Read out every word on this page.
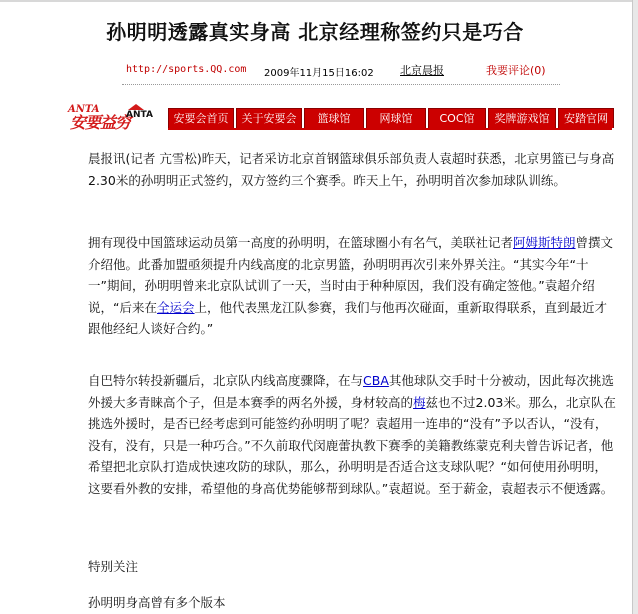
孙明明透露真实身高 北京经理称签约只是巧合
http://sports.QQ.com 2009年11月15日16:02 北京晨报	我要评论(0)
ANTA
安要益穷
ANTA	安要会首页	关于安要会	篮球馆	网球馆	COC馆	奖牌游戏馆	安踏官网

晨报讯(记者 亢雪松)昨天，记者采访北京首钢篮球俱乐部负责人袁超时获悉，北京男篮已与身高2.30米的孙明明正式签约，双方签约三个赛季。昨天上午，孙明明首次参加球队训练。

拥有现役中国篮球运动员第一高度的孙明明，在篮球圈小有名气，美联社记者阿姆斯特朗曾撰文介绍他。此番加盟亟须提升内线高度的北京男篮，孙明明再次引来外界关注。“其实今年“十一”期间，孙明明曾来北京队试训了一天，当时由于种种原因，我们没有确定签他。”袁超介绍说，“后来在全运会上，他代表黑龙江队参赛，我们与他再次碰面，重新取得联系，直到最近才跟他经纪人谈好合约。”

自巴特尔转投新疆后，北京队内线高度骤降，在与CBA其他球队交手时十分被动，因此每次挑选外援大多青睐高个子，但是本赛季的两名外援，身材较高的梅兹也不过2.03米。那么，北京队在挑选外援时，是否已经考虑到可能签约孙明明了呢？袁超用一连串的“没有”予以否认，“没有，没有，没有，只是一种巧合。”不久前取代闵鹿蕾执教下赛季的美籍教练蒙克利夫曾告诉记者，他希望把北京队打造成快速攻防的球队，那么，孙明明是否适合这支球队呢？“如何使用孙明明，这要看外教的安排，希望他的身高优势能够帮到球队。”袁超说。至于薪金，袁超表示不便透露。

特别关注

孙明明身高曾有多个版本
